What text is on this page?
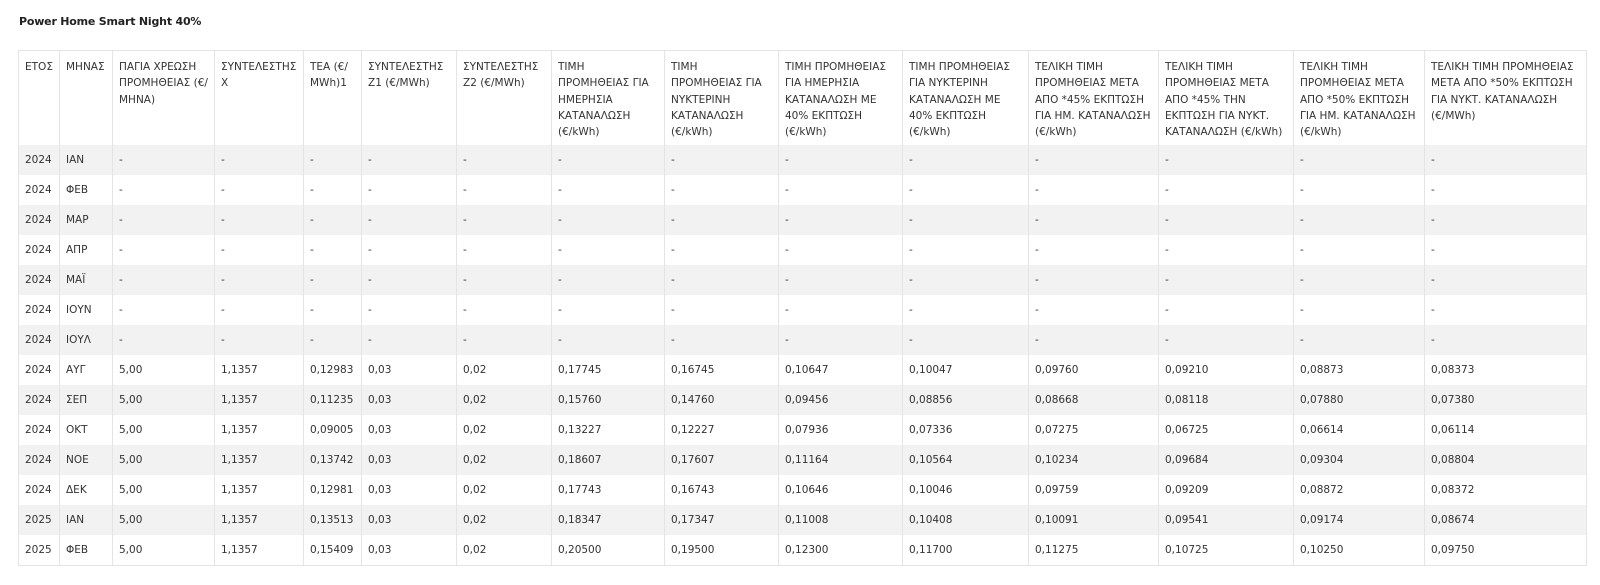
Power Home Smart Night 40%
ΕΤΟΣ	ΜΗΝΑΣ	ΠΑΓΙΑ ΧΡΕΩΣΗ ΠΡΟΜΗΘΕΙΑΣ (€/ΜΗΝΑ)	ΣΥΝΤΕΛΕΣΤΗΣ Χ	ΤΕΑ (€/ MWh)1	ΣΥΝΤΕΛΕΣΤΗΣ Z1 (€/MWh)	ΣΥΝΤΕΛΕΣΤΗΣ Z2 (€/MWh)	ΤΙΜΗ ΠΡΟΜΗΘΕΙΑΣ ΓΙΑ ΗΜΕΡΗΣΙΑ ΚΑΤΑΝΑΛΩΣΗ (€/kWh)	ΤΙΜΗ ΠΡΟΜΗΘΕΙΑΣ ΓΙΑ ΝΥΚΤΕΡΙΝΗ ΚΑΤΑΝΑΛΩΣΗ (€/kWh)	ΤΙΜΗ ΠΡΟΜΗΘΕΙΑΣ ΓΙΑ ΗΜΕΡΗΣΙΑ ΚΑΤΑΝΑΛΩΣΗ ΜΕ 40% ΕΚΠΤΩΣΗ (€/kWh)	ΤΙΜΗ ΠΡΟΜΗΘΕΙΑΣ ΓΙΑ ΝΥΚΤΕΡΙΝΗ ΚΑΤΑΝΑΛΩΣΗ ΜΕ 40% ΕΚΠΤΩΣΗ (€/kWh)	ΤΕΛΙΚΗ ΤΙΜΗ ΠΡΟΜΗΘΕΙΑΣ ΜΕΤΑ ΑΠΟ *45% ΕΚΠΤΩΣΗ ΓΙΑ ΗΜ. ΚΑΤΑΝΑΛΩΣΗ (€/kWh)	ΤΕΛΙΚΗ ΤΙΜΗ ΠΡΟΜΗΘΕΙΑΣ ΜΕΤΑ ΑΠΟ *45% ΤΗΝ ΕΚΠΤΩΣΗ ΓΙΑ ΝΥΚΤ. ΚΑΤΑΝΑΛΩΣΗ (€/kWh)	ΤΕΛΙΚΗ ΤΙΜΗ ΠΡΟΜΗΘΕΙΑΣ ΜΕΤΑ ΑΠΟ *50% ΕΚΠΤΩΣΗ ΓΙΑ ΗΜ. ΚΑΤΑΝΑΛΩΣΗ (€/kWh)	ΤΕΛΙΚΗ ΤΙΜΗ ΠΡΟΜΗΘΕΙΑΣ ΜΕΤΑ ΑΠΟ *50% ΕΚΠΤΩΣΗ ΓΙΑ ΝΥΚΤ. ΚΑΤΑΝΑΛΩΣΗ (€/MWh)
2024	ΙΑΝ	-	-	-	-	-	-	-	-	-	-	-	-	-
2024	ΦΕΒ	-	-	-	-	-	-	-	-	-	-	-	-	-
2024	ΜΑΡ	-	-	-	-	-	-	-	-	-	-	-	-	-
2024	ΑΠΡ	-	-	-	-	-	-	-	-	-	-	-	-	-
2024	ΜΑΪ	-	-	-	-	-	-	-	-	-	-	-	-	-
2024	ΙΟΥΝ	-	-	-	-	-	-	-	-	-	-	-	-	-
2024	ΙΟΥΛ	-	-	-	-	-	-	-	-	-	-	-	-	-
2024	ΑΥΓ	5,00	1,1357	0,12983	0,03	0,02	0,17745	0,16745	0,10647	0,10047	0,09760	0,09210	0,08873	0,08373
2024	ΣΕΠ	5,00	1,1357	0,11235	0,03	0,02	0,15760	0,14760	0,09456	0,08856	0,08668	0,08118	0,07880	0,07380
2024	ΟΚΤ	5,00	1,1357	0,09005	0,03	0,02	0,13227	0,12227	0,07936	0,07336	0,07275	0,06725	0,06614	0,06114
2024	ΝΟΕ	5,00	1,1357	0,13742	0,03	0,02	0,18607	0,17607	0,11164	0,10564	0,10234	0,09684	0,09304	0,08804
2024	ΔΕΚ	5,00	1,1357	0,12981	0,03	0,02	0,17743	0,16743	0,10646	0,10046	0,09759	0,09209	0,08872	0,08372
2025	ΙΑΝ	5,00	1,1357	0,13513	0,03	0,02	0,18347	0,17347	0,11008	0,10408	0,10091	0,09541	0,09174	0,08674
2025	ΦΕΒ	5,00	1,1357	0,15409	0,03	0,02	0,20500	0,19500	0,12300	0,11700	0,11275	0,10725	0,10250	0,09750
